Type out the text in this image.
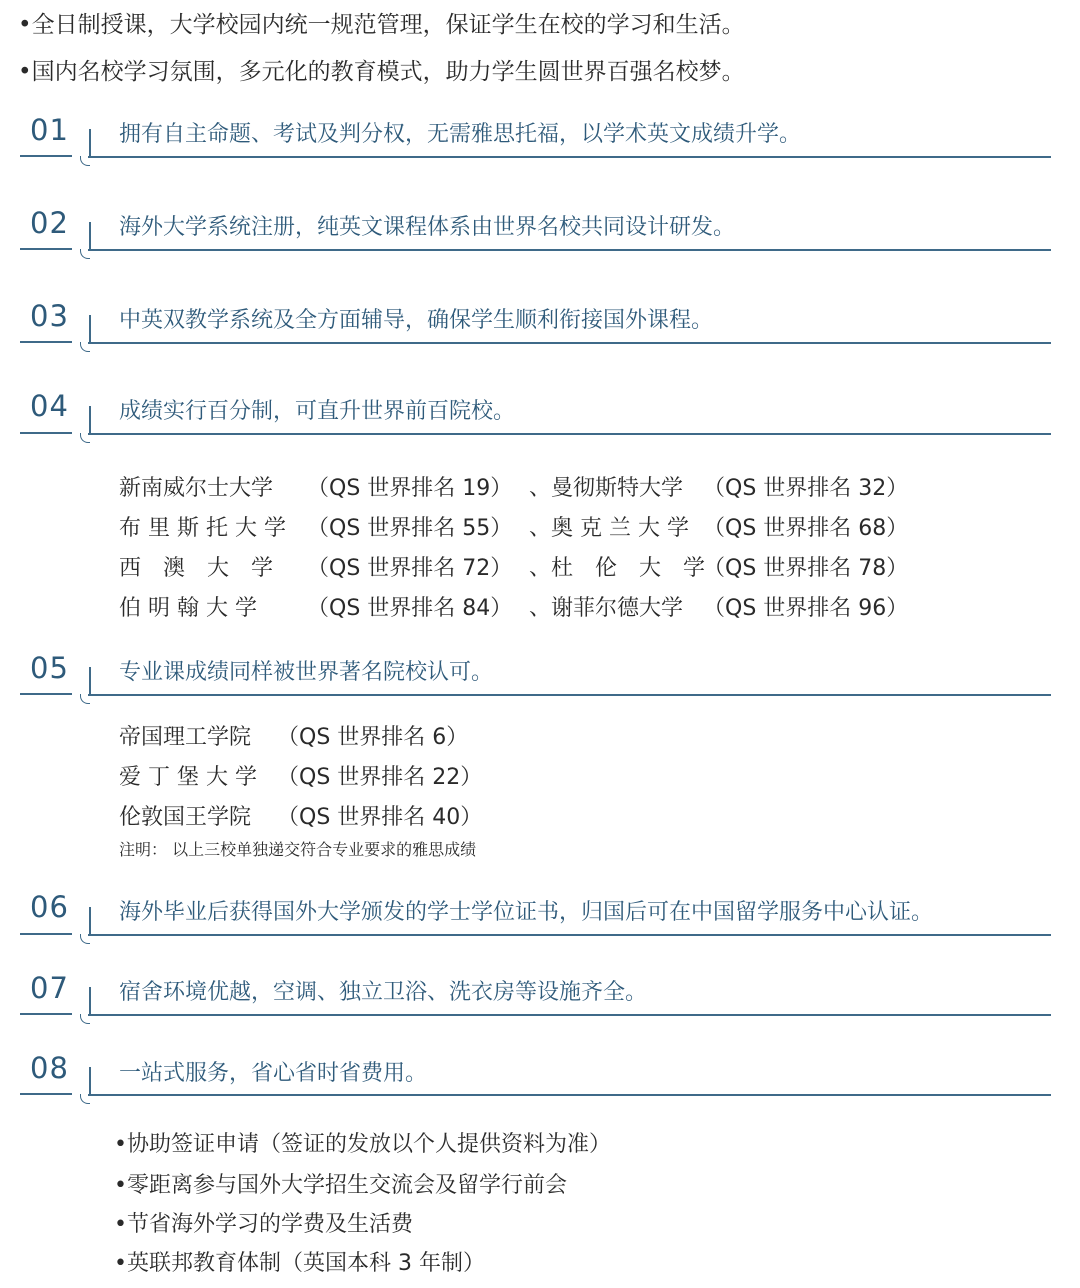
•全日制授课，大学校园内统一规范管理，保证学生在校的学习和生活。
•国内名校学习氛围，多元化的教育模式，助力学生圆世界百强名校梦。
01 拥有自主命题、考试及判分权，无需雅思托福，以学术英文成绩升学。
02 海外大学系统注册，纯英文课程体系由世界名校共同设计研发。
03 中英双教学系统及全方面辅导，确保学生顺利衔接国外课程。
04 成绩实行百分制，可直升世界前百院校。
新南威尔士大学 （QS 世界排名 19） 、曼彻斯特大学 （QS 世界排名 32）
布 里 斯 托 大 学 （QS 世界排名 55） 、奥 克 兰 大 学 （QS 世界排名 68）
西　澳　大　学 （QS 世界排名 72） 、杜　伦　大　学（QS 世界排名 78）
伯 明 翰 大 学 （QS 世界排名 84） 、谢菲尔德大学 （QS 世界排名 96）
05 专业课成绩同样被世界著名院校认可。
帝国理工学院 （QS 世界排名 6）
爱 丁 堡 大 学 （QS 世界排名 22）
伦敦国王学院 （QS 世界排名 40）
注明： 以上三校单独递交符合专业要求的雅思成绩
06 海外毕业后获得国外大学颁发的学士学位证书，归国后可在中国留学服务中心认证。
07 宿舍环境优越，空调、独立卫浴、洗衣房等设施齐全。
08 一站式服务，省心省时省费用。
•协助签证申请（签证的发放以个人提供资料为准）
•零距离参与国外大学招生交流会及留学行前会
•节省海外学习的学费及生活费
•英联邦教育体制（英国本科 3 年制）
